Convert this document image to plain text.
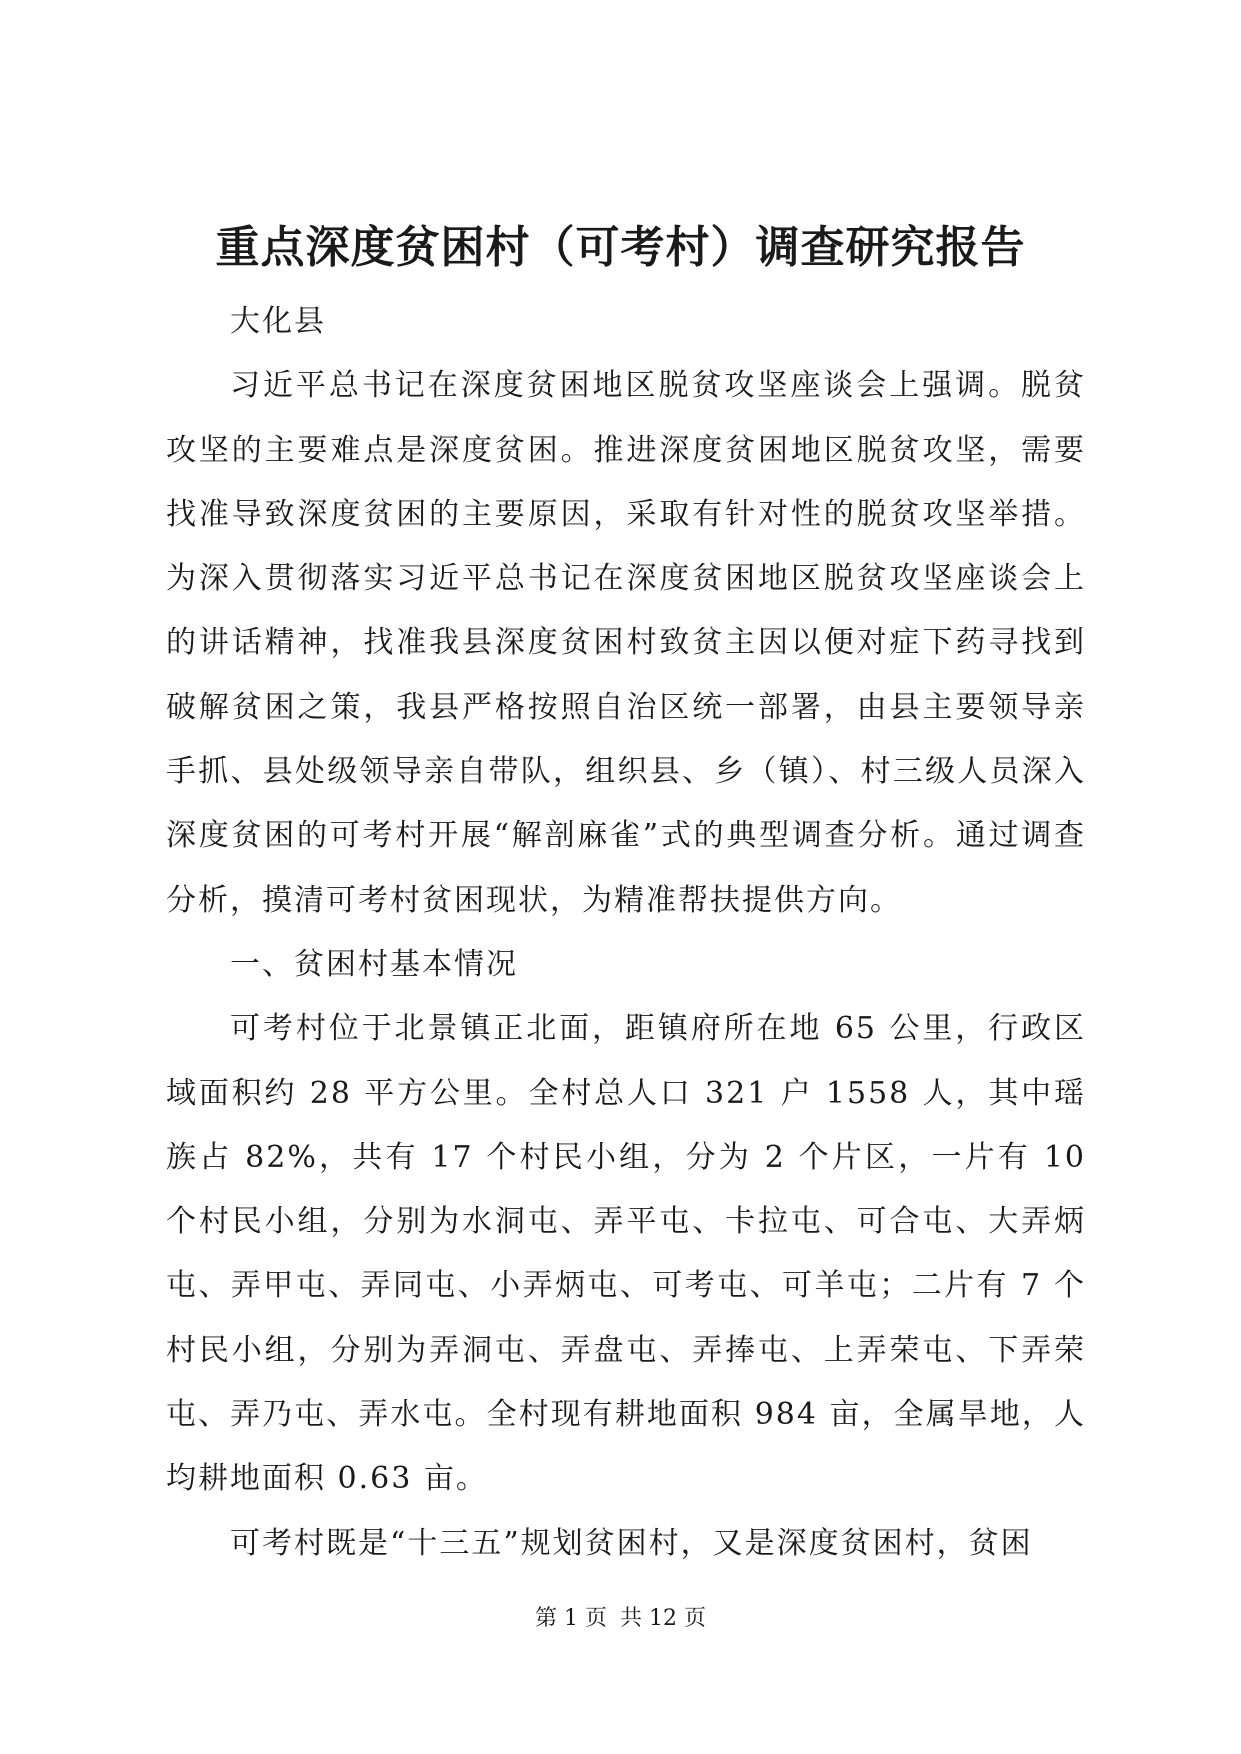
重点深度贫困村（可考村）调查研究报告

大化县

习近平总书记在深度贫困地区脱贫攻坚座谈会上强调。脱贫攻坚的主要难点是深度贫困。推进深度贫困地区脱贫攻坚，需要找准导致深度贫困的主要原因，采取有针对性的脱贫攻坚举措。为深入贯彻落实习近平总书记在深度贫困地区脱贫攻坚座谈会上的讲话精神，找准我县深度贫困村致贫主因以便对症下药寻找到破解贫困之策，我县严格按照自治区统一部署，由县主要领导亲手抓、县处级领导亲自带队，组织县、乡（镇）、村三级人员深入深度贫困的可考村开展“解剖麻雀”式的典型调查分析。通过调查分析，摸清可考村贫困现状，为精准帮扶提供方向。

一、贫困村基本情况

可考村位于北景镇正北面，距镇府所在地 65 公里，行政区域面积约 28 平方公里。全村总人口 321 户 1558 人，其中瑶族占 82%，共有 17 个村民小组，分为 2 个片区，一片有 10 个村民小组，分别为水洞屯、弄平屯、卡拉屯、可合屯、大弄炳屯、弄甲屯、弄同屯、小弄炳屯、可考屯、可羊屯；二片有 7 个村民小组，分别为弄洞屯、弄盘屯、弄捧屯、上弄荣屯、下弄荣屯、弄乃屯、弄水屯。全村现有耕地面积 984 亩，全属旱地，人均耕地面积 0.63 亩。

可考村既是“十三五”规划贫困村，又是深度贫困村，贫困

第 1 页 共 12 页
